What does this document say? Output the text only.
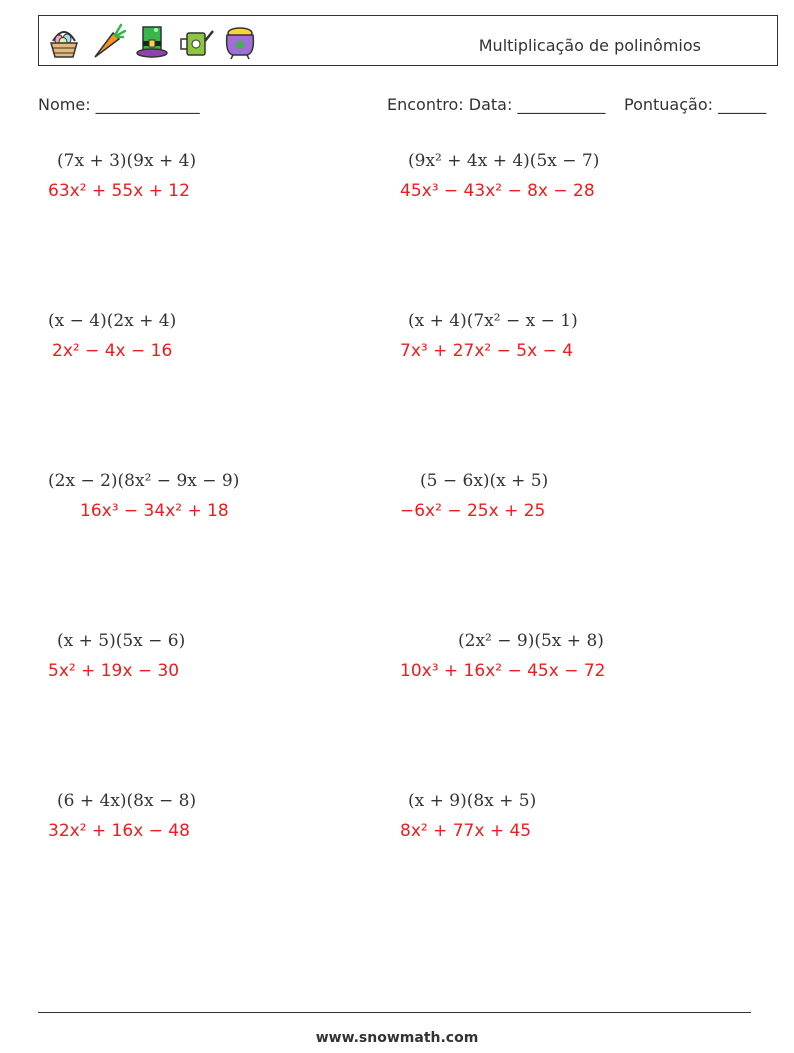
Multiplicação de polinômios
Nome: _____________	Encontro: Data: ___________ Pontuação: ______
(7x + 3)(9x + 4)
63x² + 55x + 12
(9x² + 4x + 4)(5x − 7)
45x³ − 43x² − 8x − 28
(x − 4)(2x + 4)
2x² − 4x − 16
(x + 4)(7x² − x − 1)
7x³ + 27x² − 5x − 4
(2x − 2)(8x² − 9x − 9)
16x³ − 34x² + 18
(5 − 6x)(x + 5)
−6x² − 25x + 25
(x + 5)(5x − 6)
5x² + 19x − 30
(2x² − 9)(5x + 8)
10x³ + 16x² − 45x − 72
(6 + 4x)(8x − 8)
32x² + 16x − 48
(x + 9)(8x + 5)
8x² + 77x + 45
www.snowmath.com
